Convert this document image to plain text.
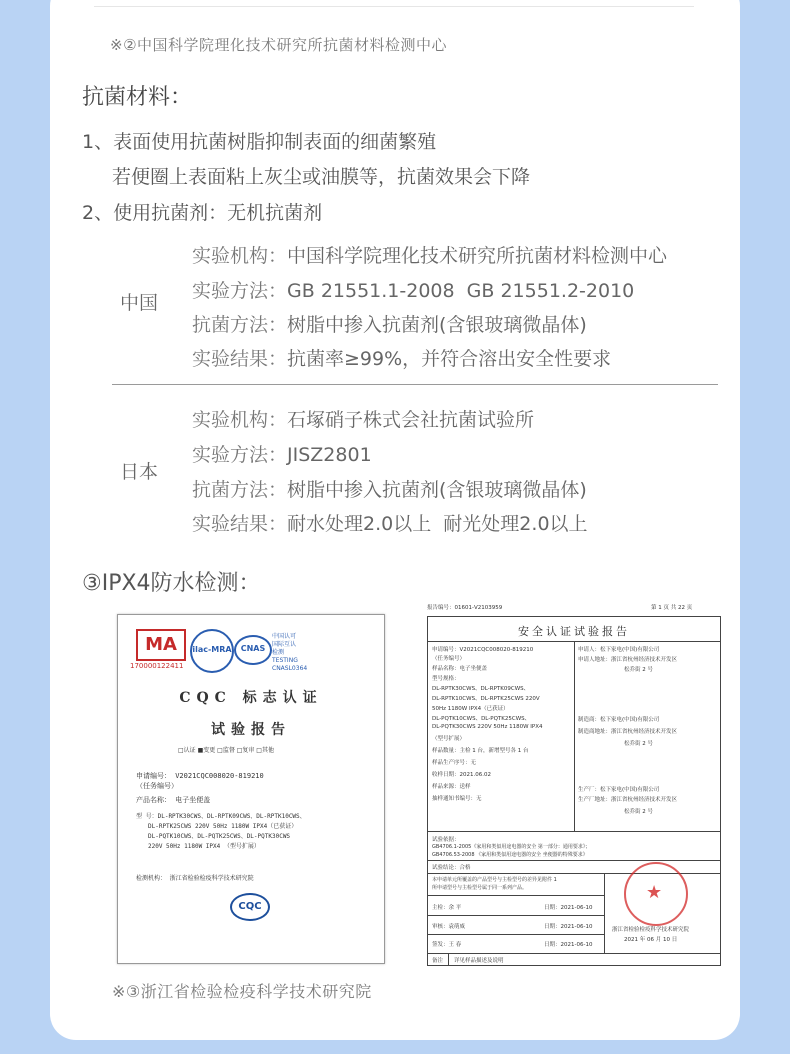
※②中国科学院理化技术研究所抗菌材料检测中心
抗菌材料：
1、表面使用抗菌树脂抑制表面的细菌繁殖
若便圈上表面粘上灰尘或油膜等，抗菌效果会下降
2、使用抗菌剂：无机抗菌剂
中国
实验机构：中国科学院理化技术研究所抗菌材料检测中心
实验方法：GB 21551.1-2008  GB 21551.2-2010
抗菌方法：树脂中掺入抗菌剂(含银玻璃微晶体)
实验结果：抗菌率≥99%，并符合溶出安全性要求
日本
实验机构：石塚硝子株式会社抗菌试验所
实验方法：JISZ2801
抗菌方法：树脂中掺入抗菌剂(含银玻璃微晶体)
实验结果：耐水处理2.0以上  耐光处理2.0以上
③IPX4防水检测：
MA
170000122411
ilac-MRA	CNAS
中国认可
国际互认
检测
TESTING
CNASL0364
CQC 标志认证
试验报告
□认证 ■变更 □监督 □复审 □其他
申请编号： V2021CQC008020-819210
（任务编号）
产品名称： 电子坐便盖
型 号：DL-RPTK30CWS、DL-RPTK09CWS、DL-RPTK10CWS、
DL-RPTK25CWS 220V 50Hz 1180W IPX4（已获证）
DL-PQTK10CWS、DL-PQTK25CWS、DL-PQTK30CWS
220V 50Hz 1180W IPX4 （型号扩展）
检测机构： 浙江省检验检疫科学技术研究院
CQC
报告编号：01601-V2103959	第 1 页 共 22 页
安全认证试验报告
申请编号：V2021CQC008020-819210
（任务编号）
样品名称：电子坐便盖
型号规格：
DL-RPTK30CWS、DL-RPTK09CWS、
DL-RPTK10CWS、DL-RPTK25CWS 220V
50Hz 1180W IPX4（已获证）
DL-PQTK10CWS、DL-PQTK25CWS、
DL-PQTK30CWS 220V 50Hz 1180W IPX4
（型号扩展）
样品数量：主检 1 台，新增型号各 1 台
样品生产序号：无
收样日期：2021.06.02
样品来源：送样
抽样通知书编号：无
申请人：松下家电(中国)有限公司
申请人地址：浙江省杭州经济技术开发区
松乔街 2 号
制造商：松下家电(中国)有限公司
制造商地址：浙江省杭州经济技术开发区
松乔街 2 号
生产厂：松下家电(中国)有限公司
生产厂地址：浙江省杭州经济技术开发区
松乔街 2 号
试验依据：
GB4706.1-2005《家用和类似用途电器的安全 第一部分：通用要求》；
GB4706.53-2008 《家用和类似用途电器的安全 坐便器的特殊要求》
试验结论：合格
本申请单元所覆盖的产品型号与主检型号的差异见附件 1
所申请型号与主检型号属于同一系列产品。
主检：余 平	日期：2021-06-10
审核：袁萌威	日期：2021-06-10
签发：王 春	日期：2021-06-10
★
浙江省检验检疫科学技术研究院
2021 年 06 月 10 日
备注 详见样品描述及说明
※③浙江省检验检疫科学技术研究院
